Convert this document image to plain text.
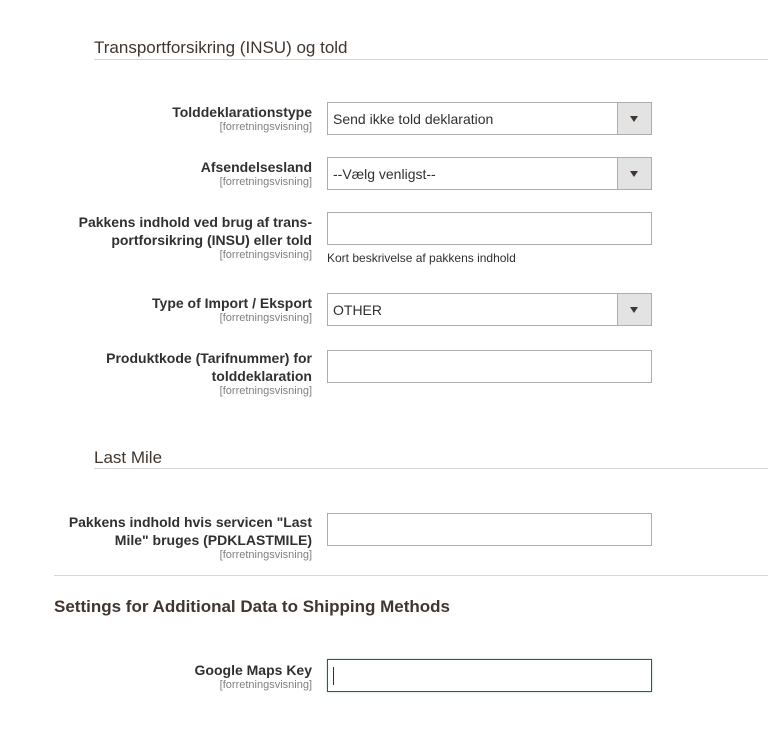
Transportforsikring (INSU) og told
Tolddeklarationstype
[forretningsvisning] Send ikke told deklaration
Afsendelsesland
[forretningsvisning] --Vælg venligst--
Pakkens indhold ved brug af trans-
portforsikring (INSU) eller told
[forretningsvisning] Kort beskrivelse af pakkens indhold
Type of Import / Eksport
[forretningsvisning] OTHER
Produktkode (Tarifnummer) for
tolddeklaration
[forretningsvisning]
Last Mile
Pakkens indhold hvis servicen "Last
Mile" bruges (PDKLASTMILE)
[forretningsvisning]
Settings for Additional Data to Shipping Methods
Google Maps Key
[forretningsvisning]
